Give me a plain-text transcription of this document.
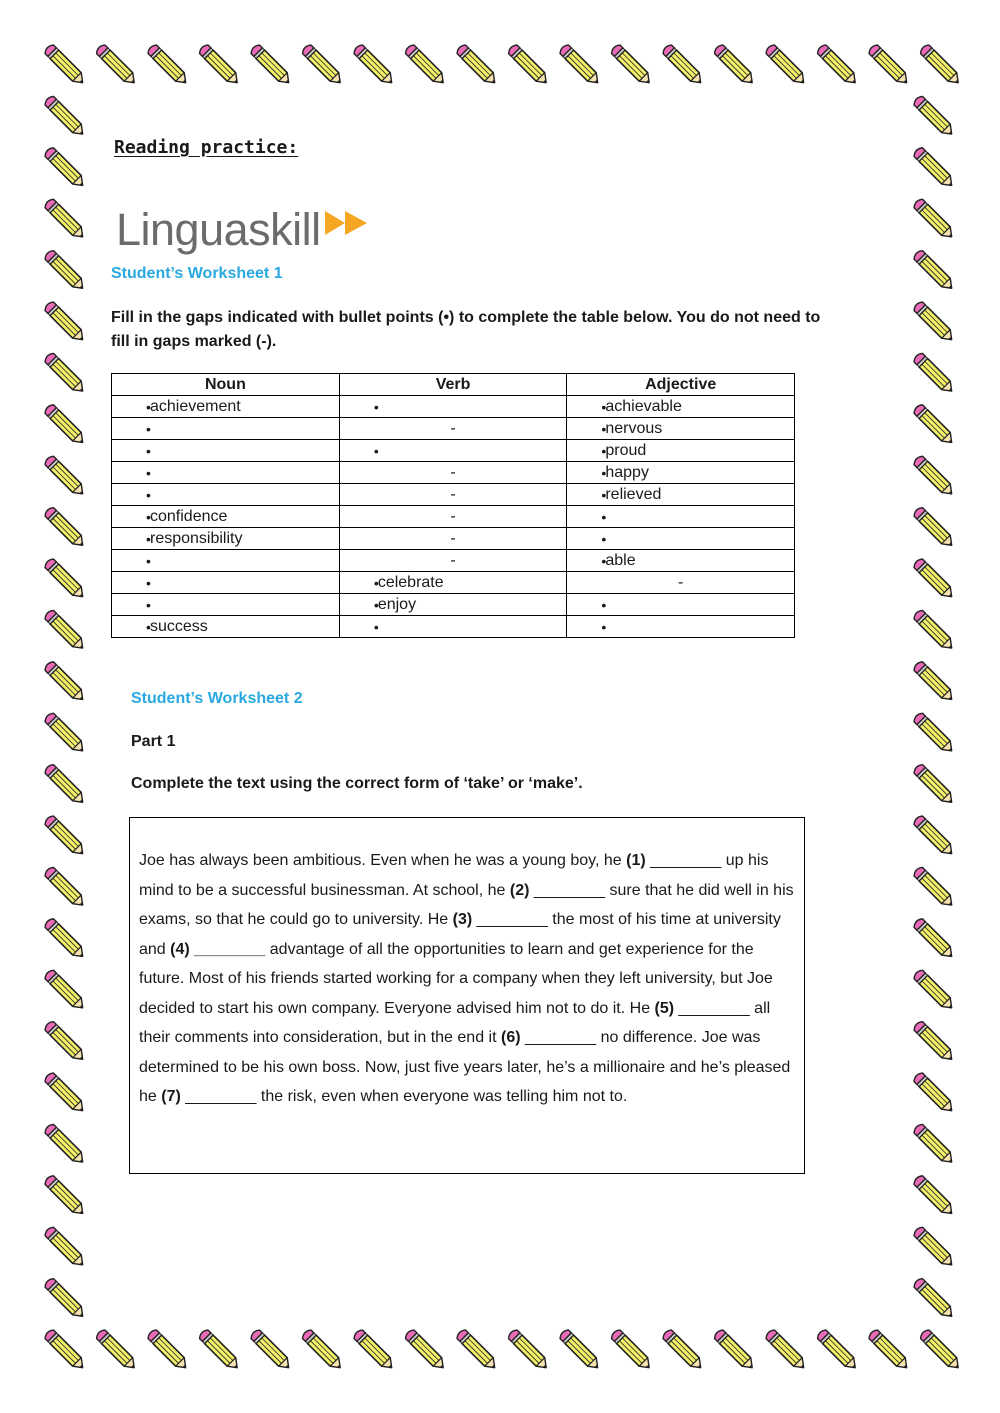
Reading practice:

Linguaskill

Student’s Worksheet 1

Fill in the gaps indicated with bullet points (•) to complete the table below. You do not need to fill in gaps marked (-).

Noun	Verb	Adjective

• achievement	•	• achievable

•	-	• nervous

•	•	• proud

•	-	• happy

•	-	• relieved

• confidence	-	•

• responsibility	-	•

•	-	• able

•	• celebrate	-

•	• enjoy	•

• success	•	•

Student’s Worksheet 2

Part 1

Complete the text using the correct form of ‘take’ or ‘make’.

Joe has always been ambitious. Even when he was a young boy, he (1) ________ up his mind to be a successful businessman. At school, he (2) ________ sure that he did well in his exams, so that he could go to university. He (3) ________ the most of his time at university and (4) ________ advantage of all the opportunities to learn and get experience for the future. Most of his friends started working for a company when they left university, but Joe decided to start his own company. Everyone advised him not to do it. He (5) ________ all their comments into consideration, but in the end it (6) ________ no difference. Joe was determined to be his own boss. Now, just five years later, he’s a millionaire and he’s pleased he (7) ________ the risk, even when everyone was telling him not to.
